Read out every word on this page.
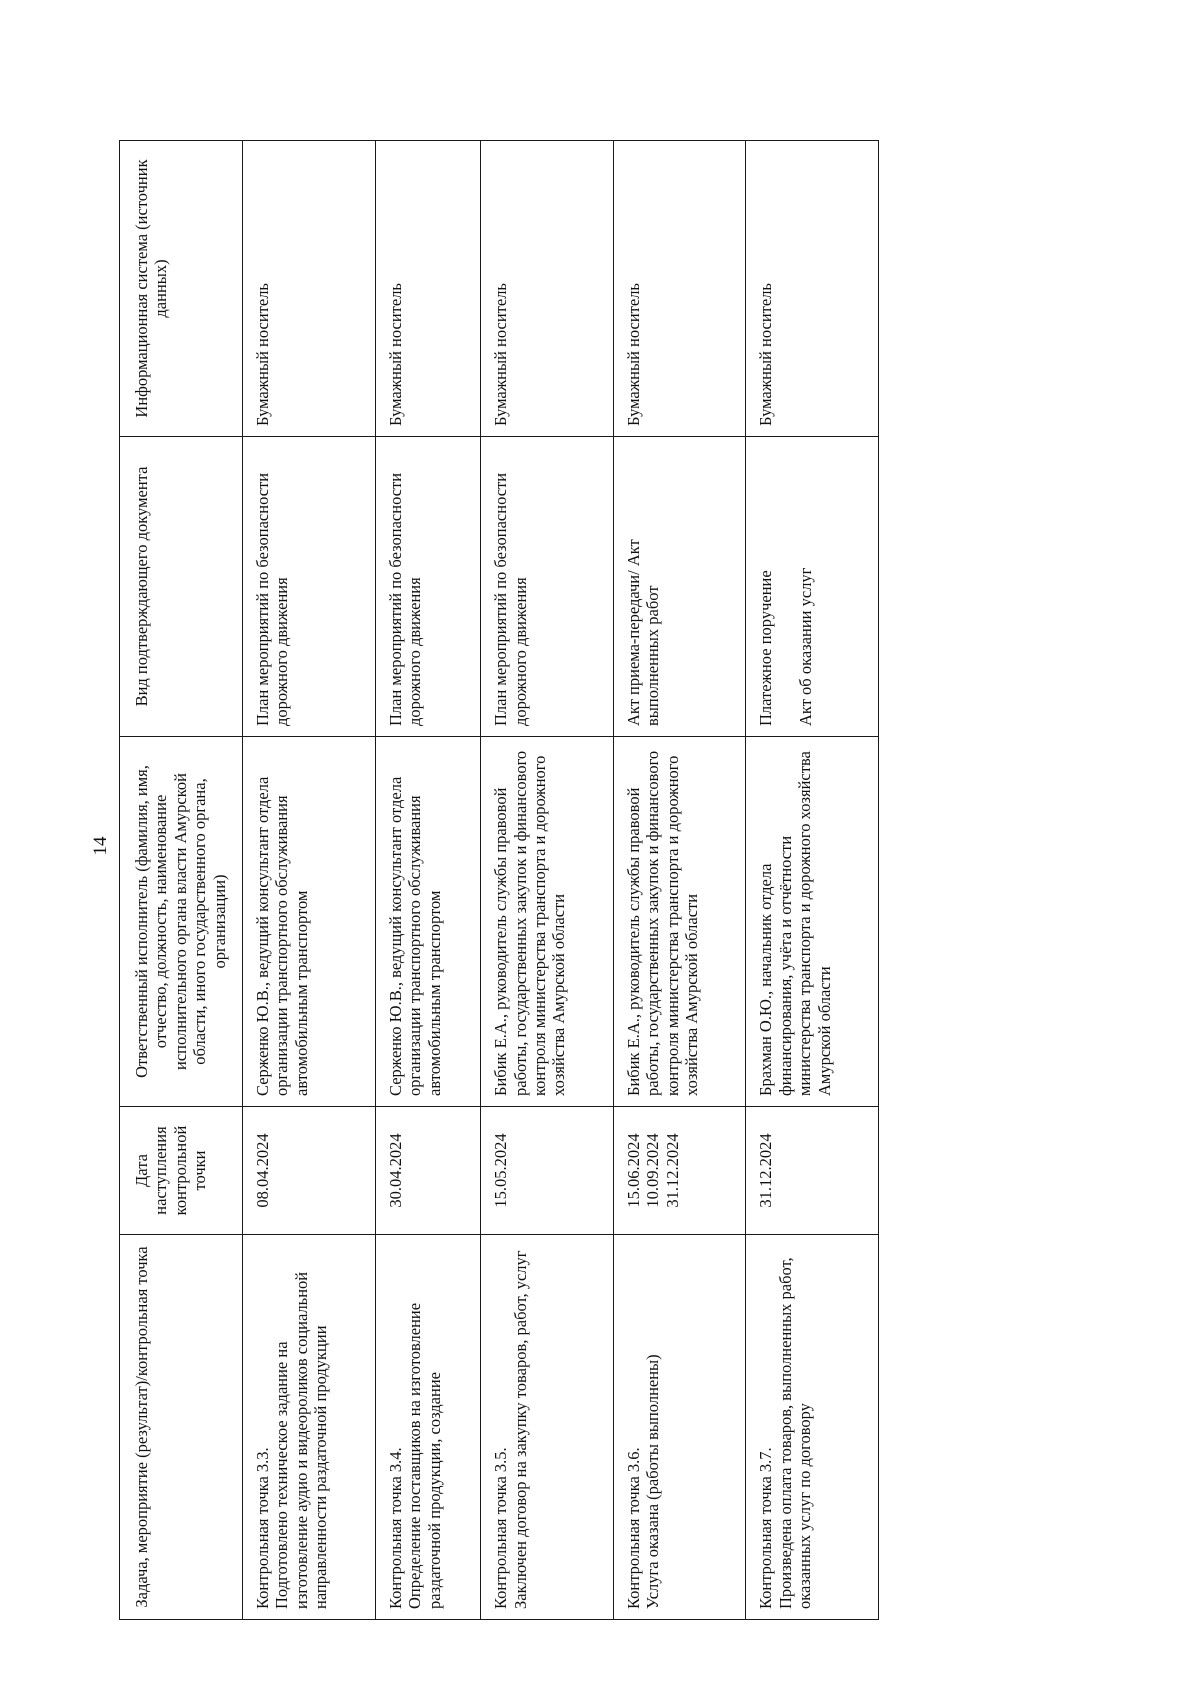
14
Задача, мероприятие (результат)/контрольная точка	Дата наступления контрольной точки	Ответственный исполнитель (фамилия, имя, отчество, должность, наименование исполнительного органа власти Амурской области, иного государственного органа, организации)	Вид подтверждающего документа	Информационная система (источник данных)

Контрольная точка 3.3. Подготовлено техническое задание на изготовление аудио и видеороликов социальной направленности раздаточной продукции	08.04.2024	Серженко Ю.В., ведущий консультант отдела организации транспортного обслуживания автомобильным транспортом	План мероприятий по безопасности дорожного движения	Бумажный носитель

Контрольная точка 3.4. Определение поставщиков на изготовление раздаточной продукции, создание	30.04.2024	Серженко Ю.В., ведущий консультант отдела организации транспортного обслуживания автомобильным транспортом	План мероприятий по безопасности дорожного движения	Бумажный носитель

Контрольная точка 3.5. Заключен договор на закупку товаров, работ, услуг	15.05.2024	Бибик Е.А., руководитель службы правовой работы, государственных закупок и финансового контроля министерства транспорта и дорожного хозяйства Амурской области	План мероприятий по безопасности дорожного движения	Бумажный носитель

Контрольная точка 3.6. Услуга оказана (работы выполнены)	15.06.2024 10.09.2024 31.12.2024	Бибик Е.А., руководитель службы правовой работы, государственных закупок и финансового контроля министерства транспорта и дорожного хозяйства Амурской области	Акт приема-передачи/ Акт выполненных работ	Бумажный носитель

Контрольная точка 3.7. Произведена оплата товаров, выполненных работ, оказанных услуг по договору	31.12.2024	Брахман О.Ю., начальник отдела финансирования, учёта и отчётности министерства транспорта и дорожного хозяйства Амурской области	Платежное поручение Акт об оказании услуг	Бумажный носитель
